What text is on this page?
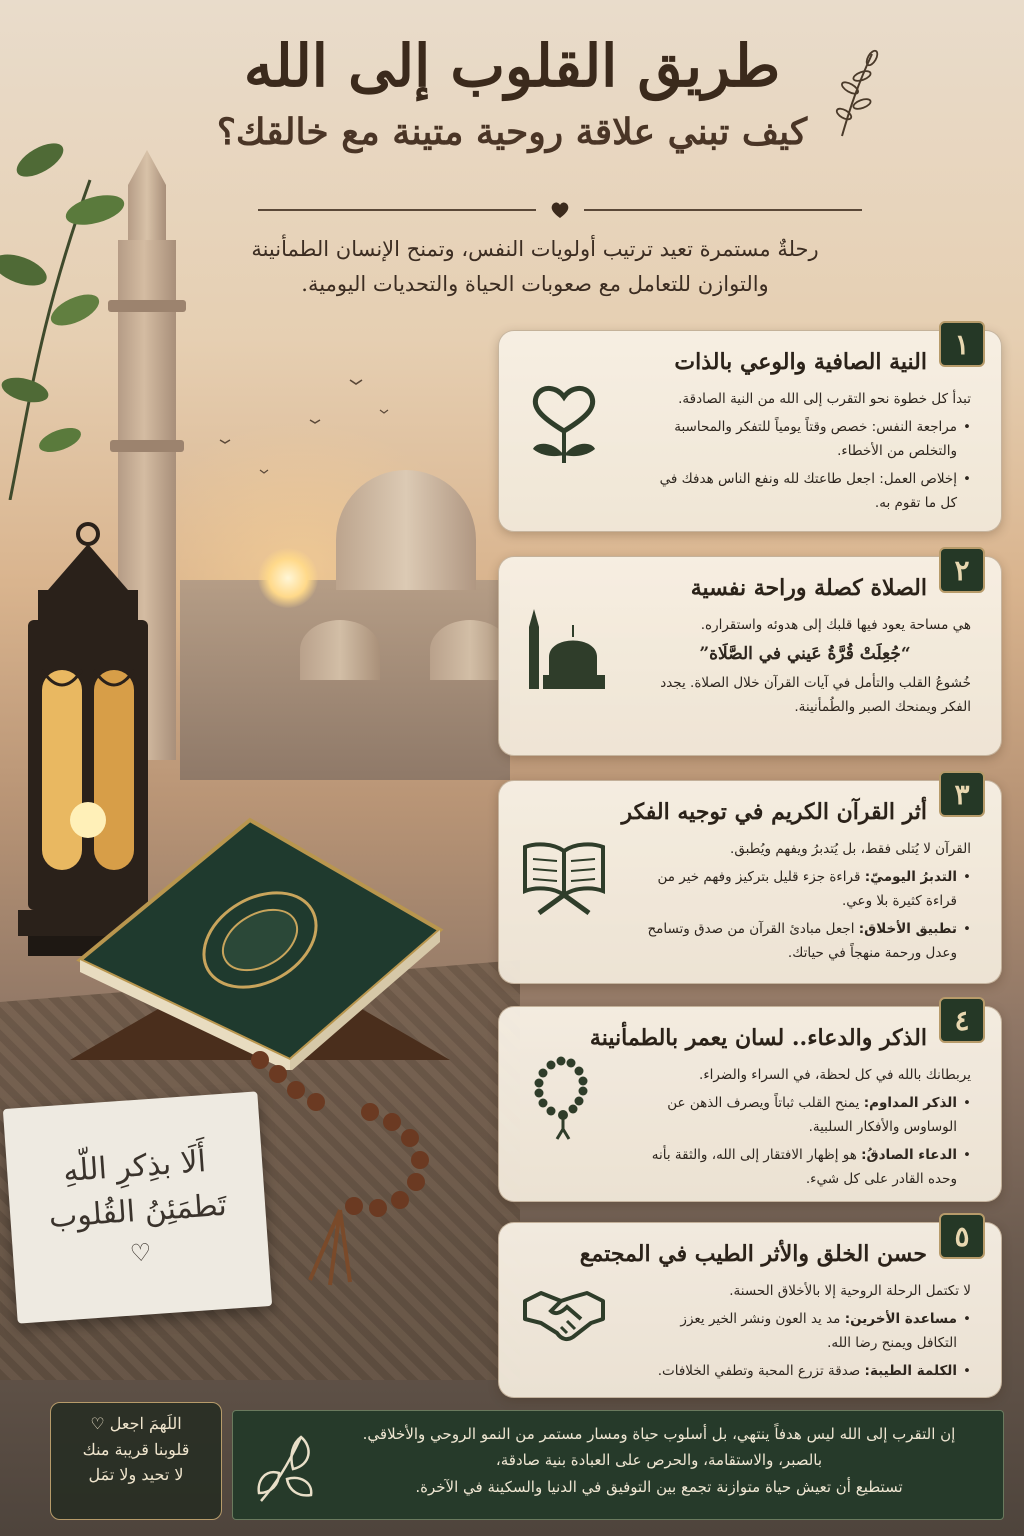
أَلَا بذِكرِ اللّهِ
تَطمَئِنُ القُلوب
♡
طريق القلوب إلى الله
كيف تبني علاقة روحية متينة مع خالقك؟
رحلةٌ مستمرة تعيد ترتيب أولويات النفس، وتمنح الإنسان الطمأنينة
والتوازن للتعامل مع صعوبات الحياة والتحديات اليومية.
١
النية الصافية والوعي بالذات
تبدأ كل خطوة نحو التقرب إلى الله من النية الصادقة.
• مراجعة النفس: خصص وقتاً يومياً للتفكر والمحاسبة والتخلص من الأخطاء.
• إخلاص العمل: اجعل طاعتك لله ونفع الناس هدفك في كل ما تقوم به.
٢
الصلاة كصلة وراحة نفسية
هي مساحة يعود فيها قلبك إلى هدوئه واستقراره.
“جُعِلَتْ قُرَّةُ عَيني في الصَّلَاة”
خُشوعُ القلب والتأمل في آيات القرآن خلال الصلاة. يجدد الفكر ويمنحك الصبر والطُمأنينة.
٣
أثر القرآن الكريم في توجيه الفكر
القرآن لا يُتلى فقط، بل يُتدبرُ ويفهم ويُطبق.
• التدبرُ اليوميّ: قراءة جزء قليل بتركيز وفهم خير من قراءة كثيرة بلا وعي.
• تطبيق الأخلاق: اجعل مبادئ القرآن من صدق وتسامح وعدل ورحمة منهجاً في حياتك.
٤
الذكر والدعاء.. لسان يعمر بالطمأنينة
يربطانك بالله في كل لحظة، في السراء والضراء.
• الذكر المداوم: يمنح القلب ثباتاً ويصرف الذهن عن الوساوس والأفكار السلبية.
• الدعاء الصادقُ: هو إظهار الافتقار إلى الله، والثقة بأنه وحده القادر على كل شيء.
٥
حسن الخلق والأثر الطيب في المجتمع
لا تكتمل الرحلة الروحية إلا بالأخلاق الحسنة.
• مساعدة الأخرين: مد يد العون ونشر الخير يعزز التكافل ويمنح رضا الله.
• الكلمة الطيبة: صدقة تزرع المحبة وتطفي الخلافات.
اللَهمَ اجعل ♡
قلوبنا قريبة منك
لا تحيد ولا تمَل
إن التقرب إلى الله ليس هدفاً ينتهي، بل أسلوب حياة ومسار مستمر من النمو الروحي والأخلاقي.
بالصبر، والاستقامة، والحرص على العبادة بنية صادقة،
تستطيع أن تعيش حياة متوازنة تجمع بين التوفيق في الدنيا والسكينة في الآخرة.
